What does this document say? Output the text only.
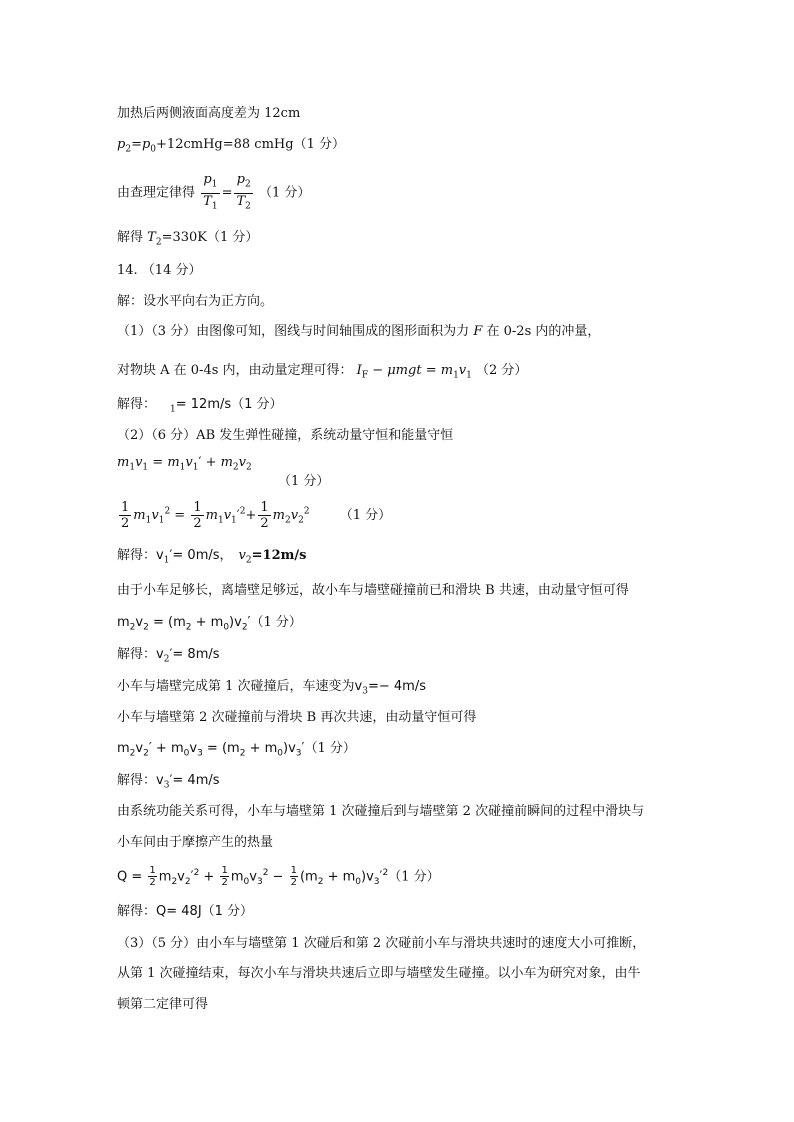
加热后两侧液面高度差为 12cm
$p_2=p_0+12cmHg=88$ cmHg（1 分）
由查理定律得 $\frac{p_1}{T_1} = \frac{p_2}{T_2} (1$ 分）
解得 $T_2=330K(1$ 分）
14. （14 分）
解：设水平向右为正方向。
（1）（3 分）由图像可知，图线与时间轴围成的图形面积为力 F 在 0-2s 内的冲量，
对物块 A 在 0-4s 内，由动量定理可得： $I_F - \mu mgt = m_1v_1$ （2 分）
解得： $_1$= 12m/s（1 分）
（2）（6 分）AB 发生弹性碰撞，系统动量守恒和能量守恒
$m_1v_1 = m_1v_1' + m_2v_2$
（1 分）
$\frac{1}{2} m_1v_1^2 = \frac{1}{2} m_1v_1'^2+ \frac{1}{2} m_2v_2^2$ （1 分）
解得：$v_1'= 0m/s$， $v_2=12m/s$
由于小车足够长，离墙壁足够远，故小车与墙壁碰撞前已和滑块 B 共速，由动量守恒可得
$m_2v_2 = (m_2 + m_0)v_2'(1$ 分）
解得：$v_2'= 8m/s$
小车与墙壁完成第 1 次碰撞后，车速变为$v_3=- 4m/s$
小车与墙壁第 2 次碰撞前与滑块 B 再次共速，由动量守恒可得
$m_2v_2' + m_0v_3 = (m_2 + m_0)v_3'(1$ 分）
解得：$v_3'= 4m/s$
由系统功能关系可得，小车与墙壁第 1 次碰撞后到与墙壁第 2 次碰撞前瞬间的过程中滑块与
小车间由于摩擦产生的热量
$Q = \frac{1}{2} m_2v_2'^2 + \frac{1}{2} m_0v_3^2 - \frac{1}{2} (m_2 + m_0)v_3'^2(1$ 分）
解得：Q= 48J（1 分）
（3）（5 分）由小车与墙壁第 1 次碰后和第 2 次碰前小车与滑块共速时的速度大小可推断，
从第 1 次碰撞结束，每次小车与滑块共速后立即与墙壁发生碰撞。以小车为研究对象，由牛
顿第二定律可得
